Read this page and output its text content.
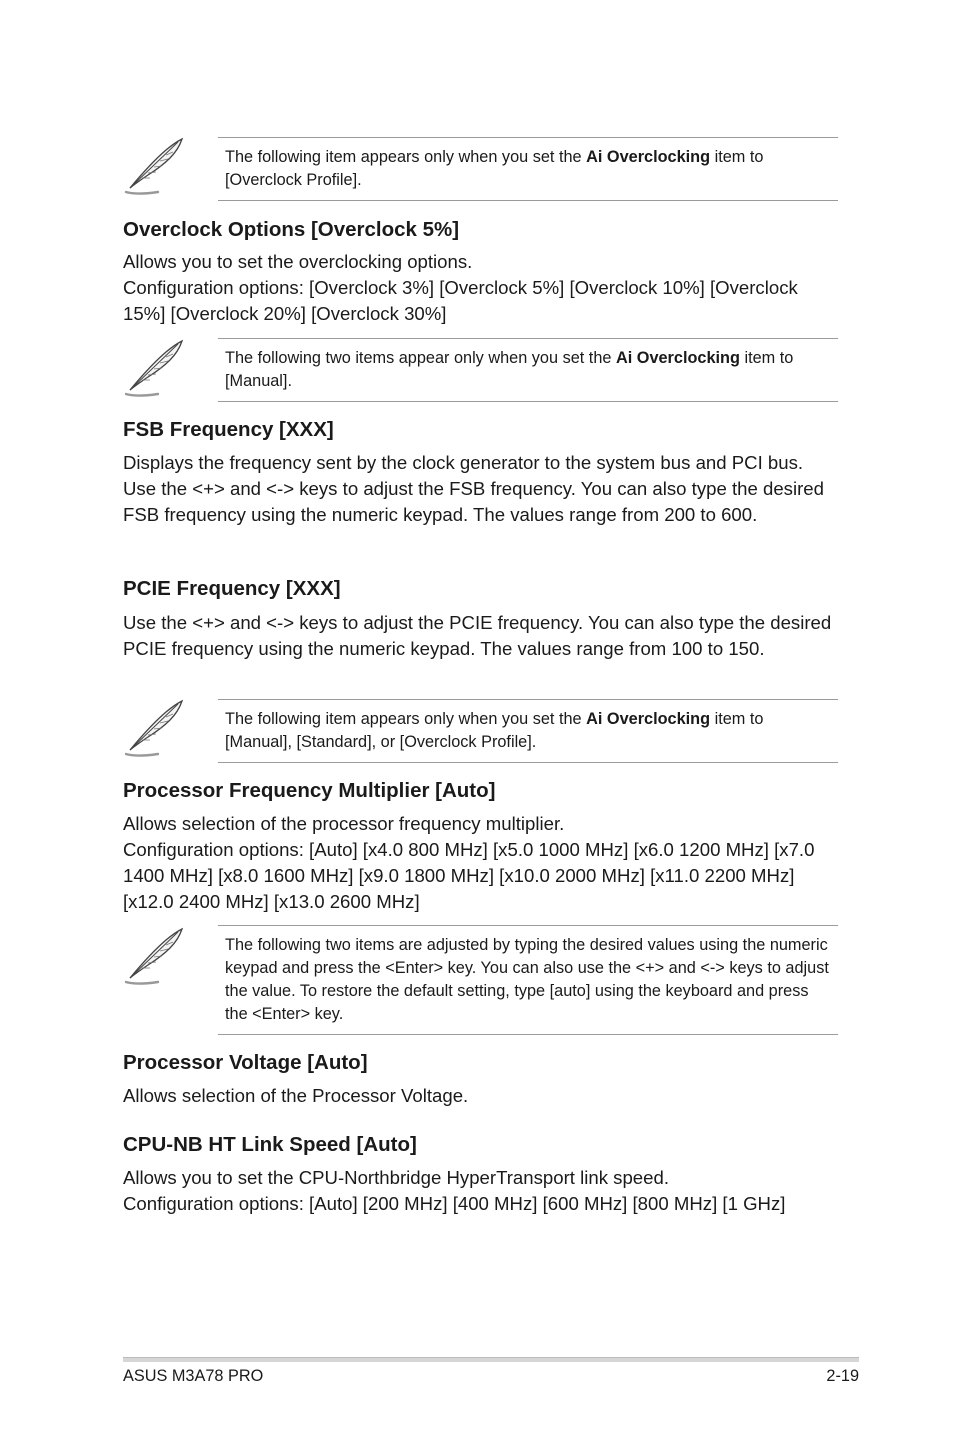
The following item appears only when you set the Ai Overclocking item to [Overclock Profile].
Overclock Options [Overclock 5%]
Allows you to set the overclocking options.
Configuration options: [Overclock 3%] [Overclock 5%] [Overclock 10%] [Overclock 15%] [Overclock 20%] [Overclock 30%]
The following two items appear only when you set the Ai Overclocking item to [Manual].
FSB Frequency [XXX]
Displays the frequency sent by the clock generator to the system bus and PCI bus. Use the <+> and <-> keys to adjust the FSB frequency. You can also type the desired FSB frequency using the numeric keypad. The values range from 200 to 600.
PCIE Frequency [XXX]
Use the <+> and <-> keys to adjust the PCIE frequency. You can also type the desired PCIE frequency using the numeric keypad. The values range from 100 to 150.
The following item appears only when you set the Ai Overclocking item to [Manual], [Standard], or [Overclock Profile].
Processor Frequency Multiplier [Auto]
Allows selection of the processor frequency multiplier.
Configuration options: [Auto] [x4.0 800 MHz] [x5.0 1000 MHz] [x6.0 1200 MHz] [x7.0 1400 MHz] [x8.0 1600 MHz] [x9.0 1800 MHz] [x10.0 2000 MHz] [x11.0 2200 MHz] [x12.0 2400 MHz] [x13.0 2600 MHz]
The following two items are adjusted by typing the desired values using the numeric keypad and press the <Enter> key. You can also use the <+> and <-> keys to adjust the value. To restore the default setting, type [auto] using the keyboard and press the <Enter> key.
Processor Voltage [Auto]
Allows selection of the Processor Voltage.
CPU-NB HT Link Speed [Auto]
Allows you to set the CPU-Northbridge HyperTransport link speed.
Configuration options: [Auto] [200 MHz] [400 MHz] [600 MHz] [800 MHz] [1 GHz]
ASUS M3A78 PRO	2-19
